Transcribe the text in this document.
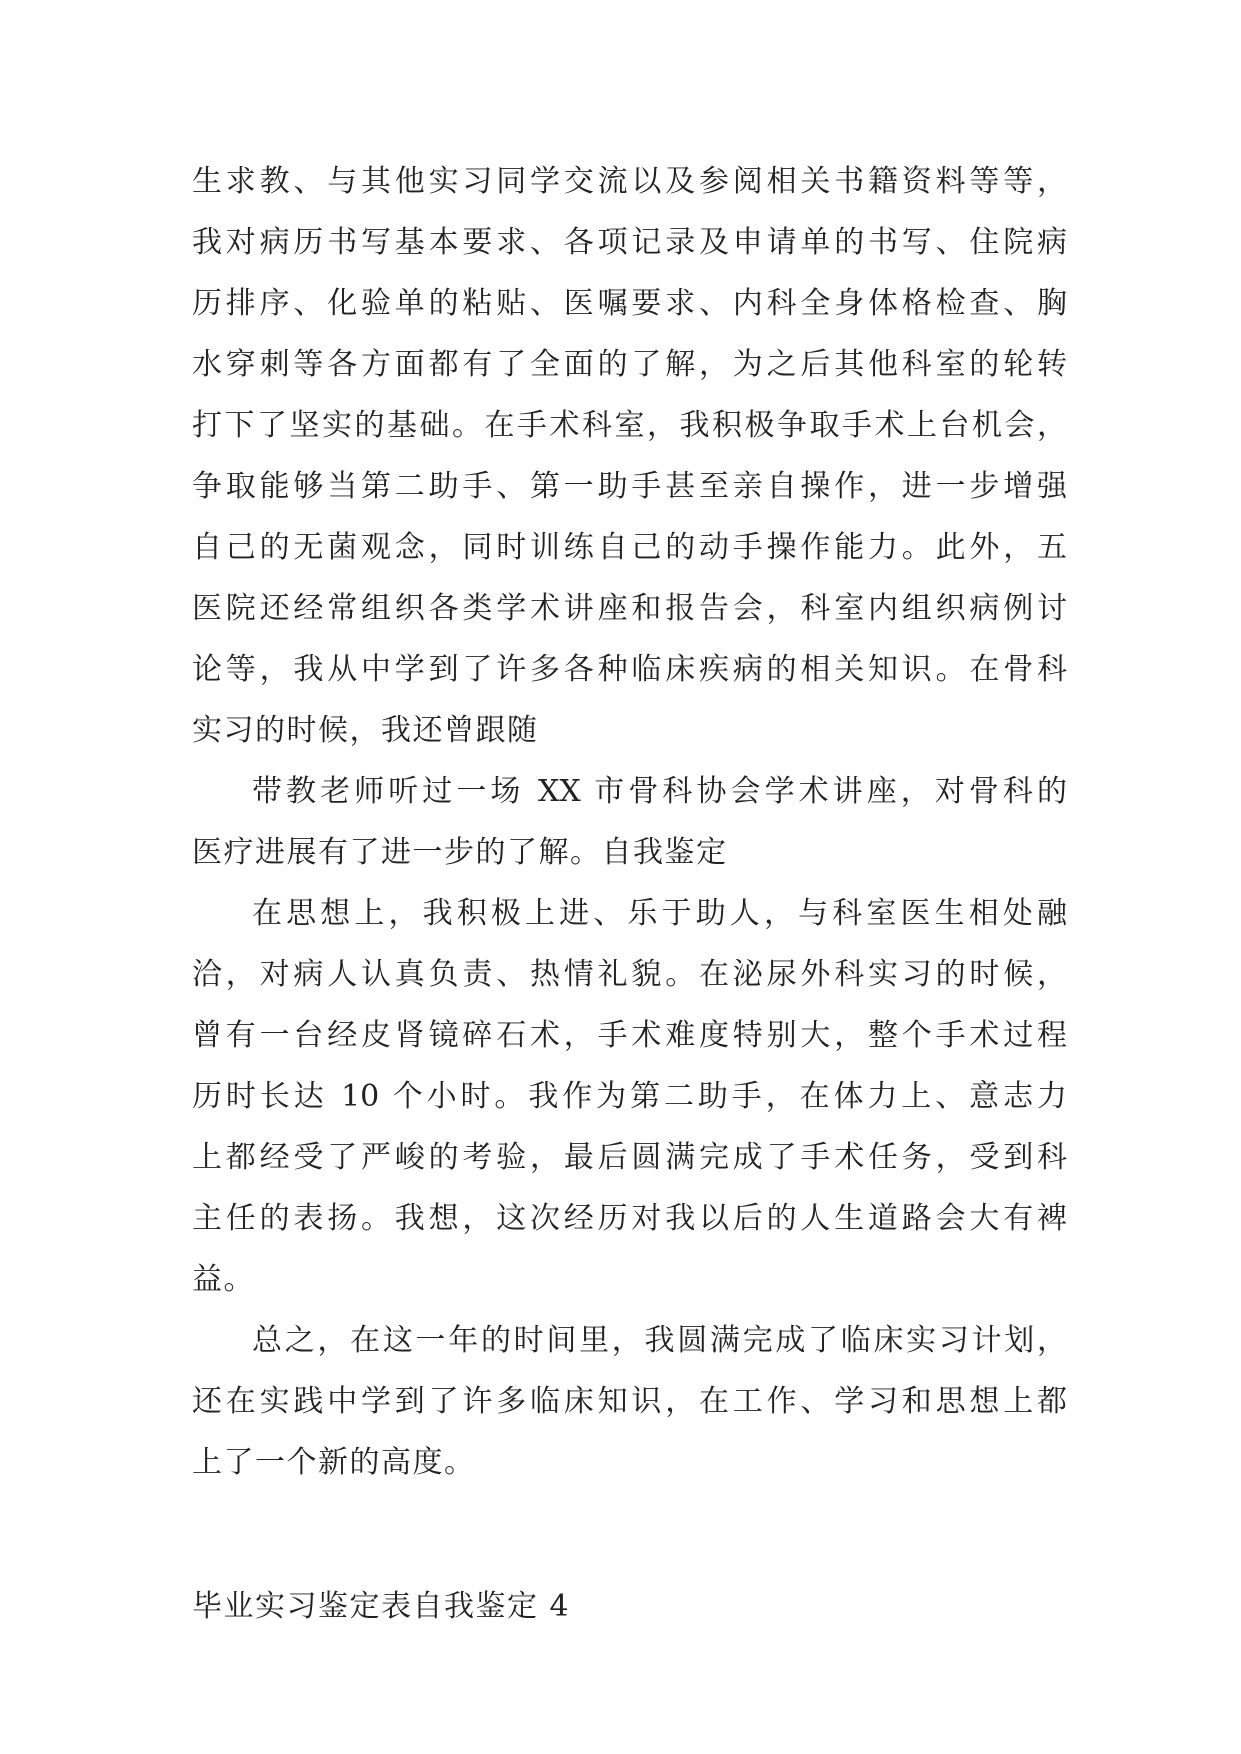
生求教、与其他实习同学交流以及参阅相关书籍资料等等，
我对病历书写基本要求、各项记录及申请单的书写、住院病
历排序、化验单的粘贴、医嘱要求、内科全身体格检查、胸
水穿刺等各方面都有了全面的了解，为之后其他科室的轮转
打下了坚实的基础。在手术科室，我积极争取手术上台机会，
争取能够当第二助手、第一助手甚至亲自操作，进一步增强
自己的无菌观念，同时训练自己的动手操作能力。此外，五
医院还经常组织各类学术讲座和报告会，科室内组织病例讨
论等，我从中学到了许多各种临床疾病的相关知识。在骨科
实习的时候，我还曾跟随
带教老师听过一场 XX 市骨科协会学术讲座，对骨科的
医疗进展有了进一步的了解。自我鉴定
在思想上，我积极上进、乐于助人，与科室医生相处融
洽，对病人认真负责、热情礼貌。在泌尿外科实习的时候，
曾有一台经皮肾镜碎石术，手术难度特别大，整个手术过程
历时长达 10 个小时。我作为第二助手，在体力上、意志力
上都经受了严峻的考验，最后圆满完成了手术任务，受到科
主任的表扬。我想，这次经历对我以后的人生道路会大有裨
益。
总之，在这一年的时间里，我圆满完成了临床实习计划，
还在实践中学到了许多临床知识，在工作、学习和思想上都
上了一个新的高度。
毕业实习鉴定表自我鉴定 4
